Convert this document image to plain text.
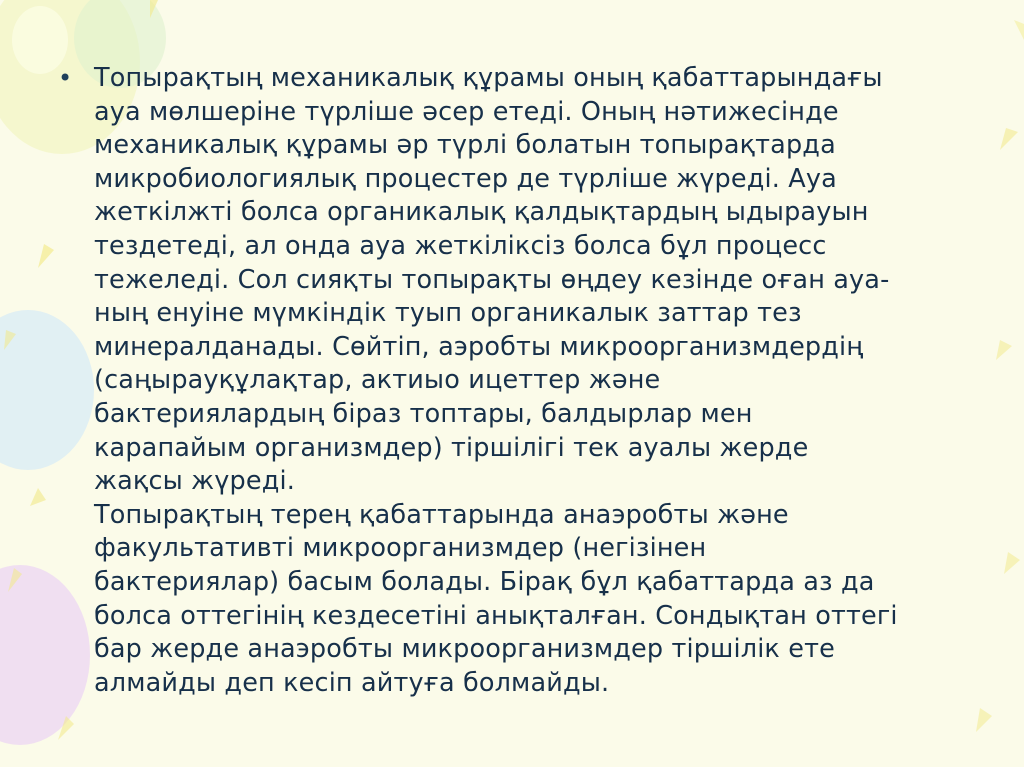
• Топырақтың механикалық құрамы оның қабаттарындағы
ауа мөлшеріне түрліше әсер етеді. Оның нәтижесінде
механикалық құрамы әр түрлі болатын топырақтарда
микробиологиялық процестер де түрліше жүреді. Ауа
жеткілжті болса органикалық қалдықтардың ыдырауын
тездетеді, ал онда ауа жеткіліксіз болса бұл процесс
тежеледі. Сол сияқты топырақты өңдеу кезінде оған ауа-
ның енуіне мүмкіндік туып органикалык заттар тез
минералданады. Сөйтіп, аэробты микроорганизмдердің
(саңырауқұлақтар, актиыо ицеттер және
бактериялардың біраз топтары, балдырлар мен
карапайым организмдер) тіршілігі тек ауалы жерде
жақсы жүреді.
Топырақтың терең қабаттарында анаэробты және
факультативті микроорганизмдер (негізінен
бактериялар) басым болады. Бірақ бұл қабаттарда аз да
болса оттегінің кездесетіні анықталған. Сондықтан оттегі
бар жерде анаэробты микроорганизмдер тіршілік ете
алмайды деп кесіп айтуға болмайды.
